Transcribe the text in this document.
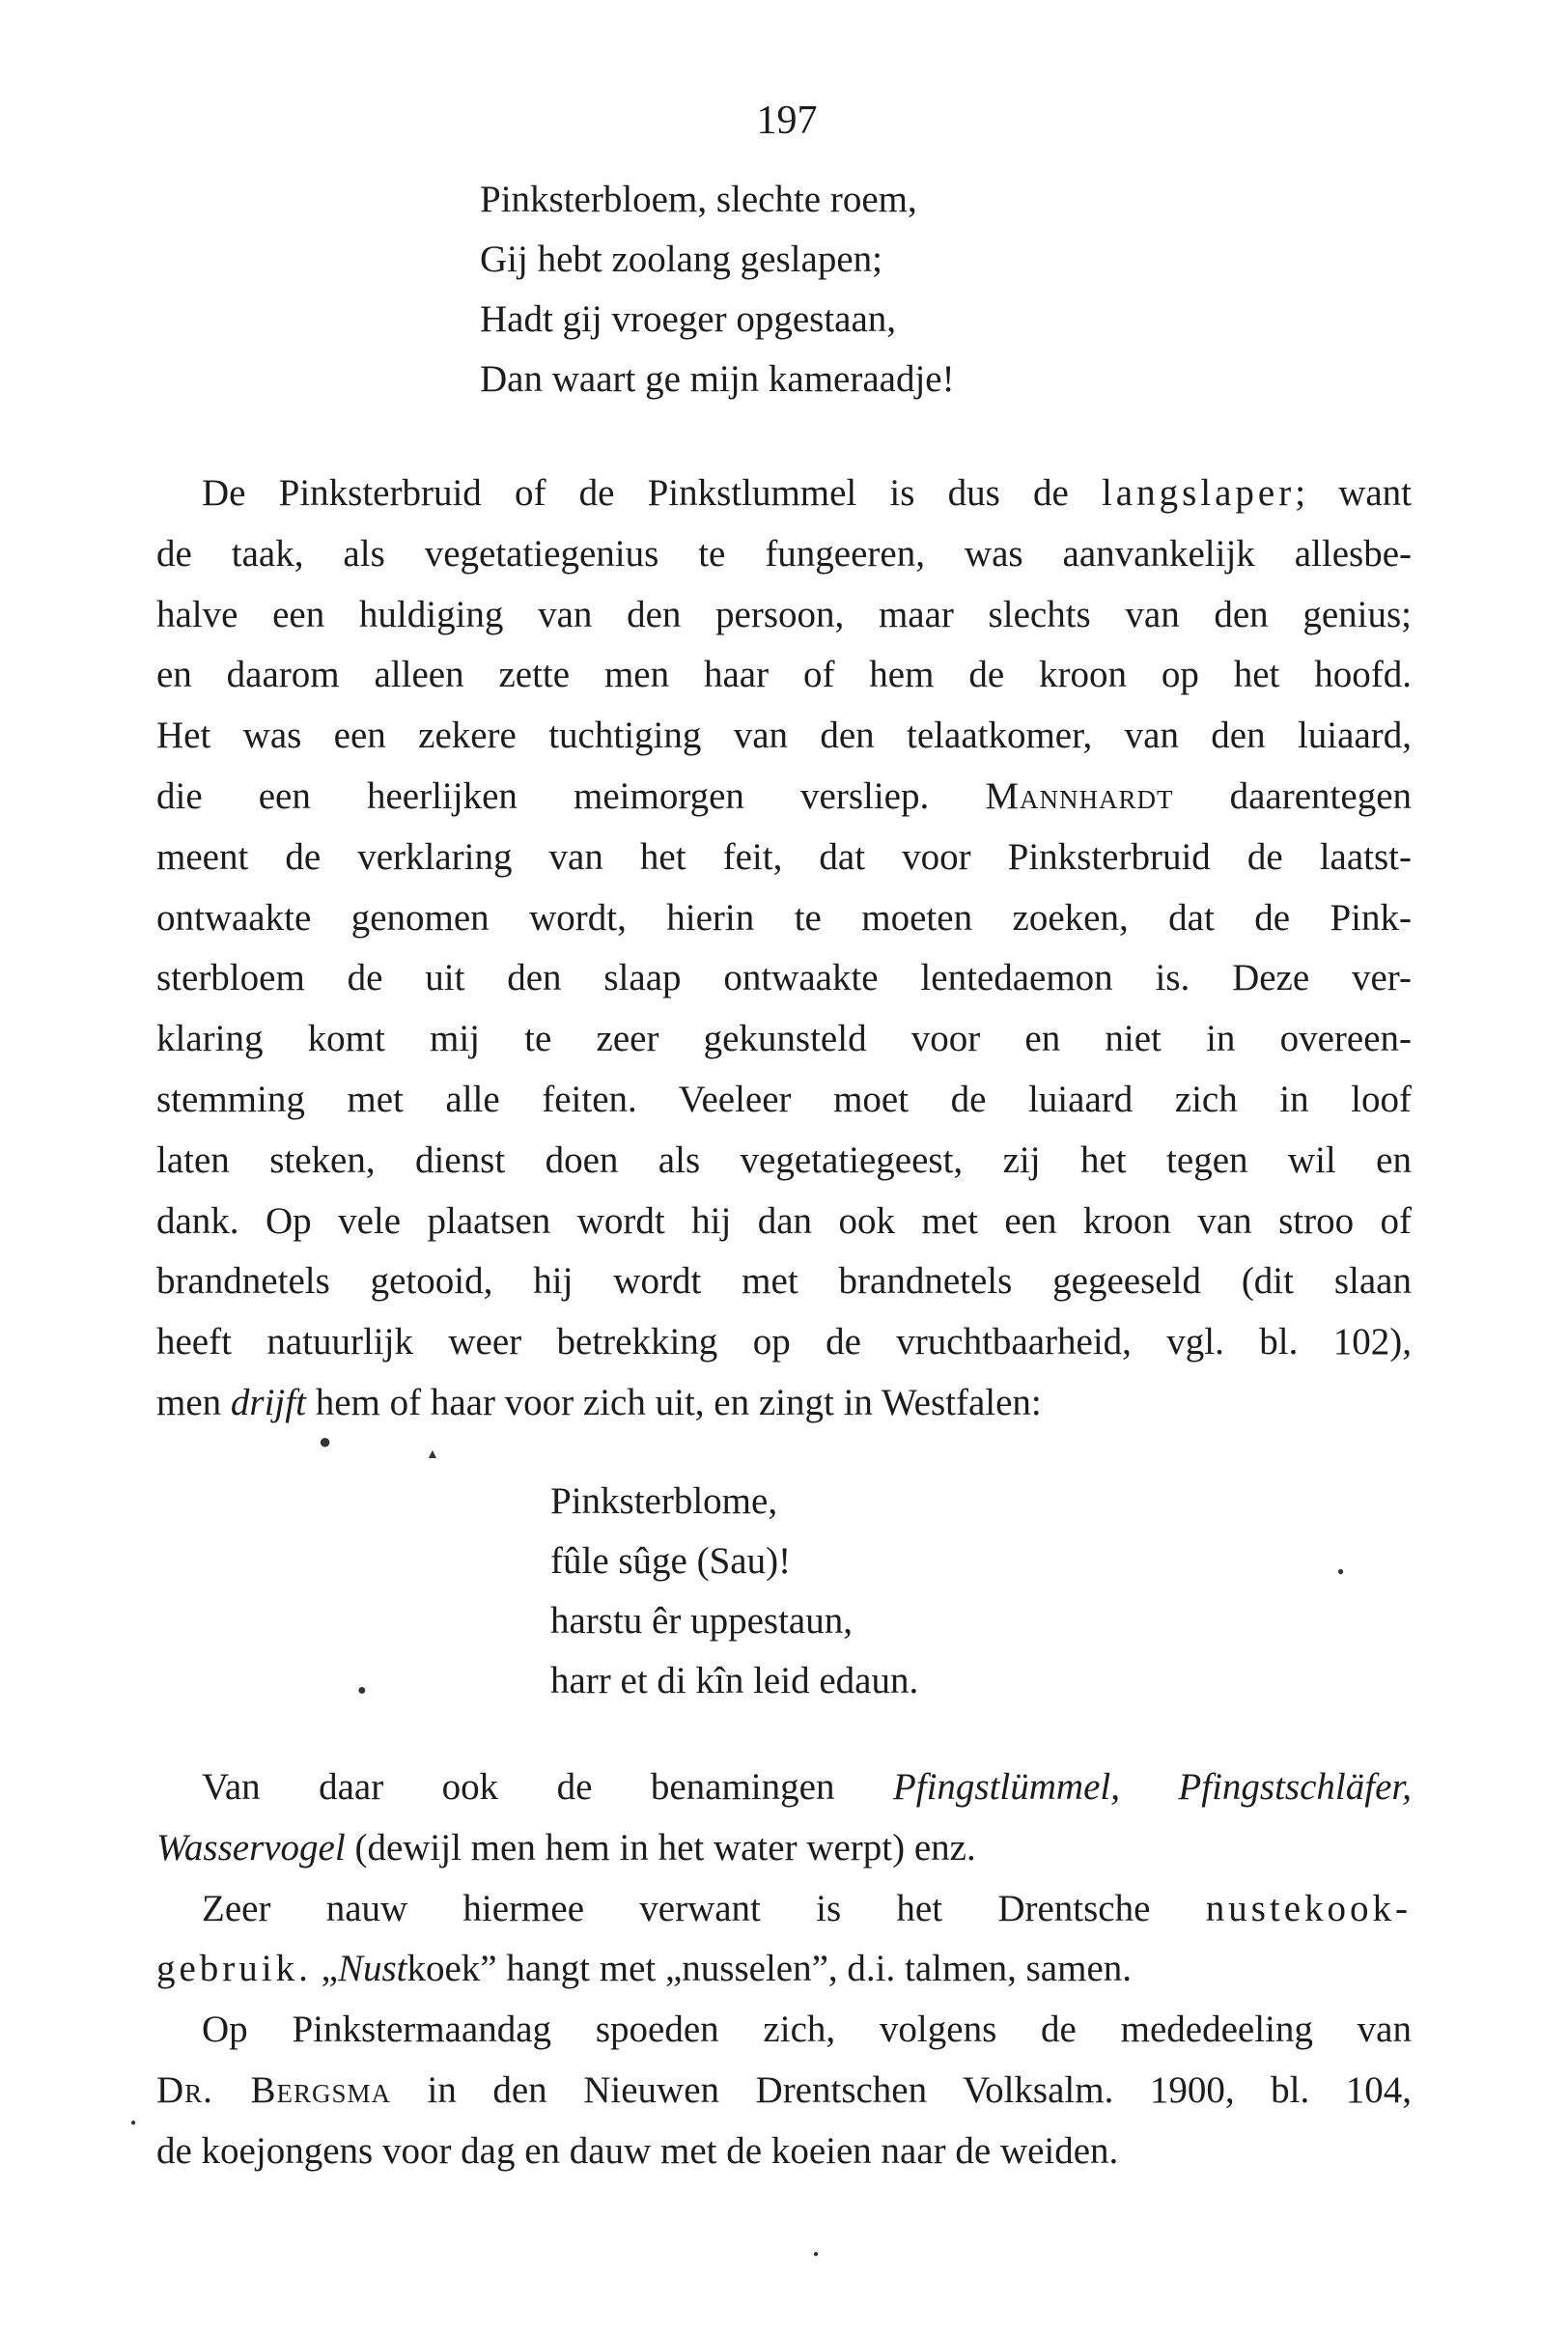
197
Pinksterbloem, slechte roem,
Gij hebt zoolang geslapen;
Hadt gij vroeger opgestaan,
Dan waart ge mijn kameraadje!
De Pinksterbruid of de Pinkstlummel is dus de langslaper; want
de taak, als vegetatiegenius te fungeeren, was aanvankelijk allesbe-
halve een huldiging van den persoon, maar slechts van den genius;
en daarom alleen zette men haar of hem de kroon op het hoofd.
Het was een zekere tuchtiging van den telaatkomer, van den luiaard,
die een heerlijken meimorgen versliep. Mannhardt daarentegen
meent de verklaring van het feit, dat voor Pinksterbruid de laatst-
ontwaakte genomen wordt, hierin te moeten zoeken, dat de Pink-
sterbloem de uit den slaap ontwaakte lentedaemon is. Deze ver-
klaring komt mij te zeer gekunsteld voor en niet in overeen-
stemming met alle feiten. Veeleer moet de luiaard zich in loof
laten steken, dienst doen als vegetatiegeest, zij het tegen wil en
dank. Op vele plaatsen wordt hij dan ook met een kroon van stroo of
brandnetels getooid, hij wordt met brandnetels gegeeseld (dit slaan
heeft natuurlijk weer betrekking op de vruchtbaarheid, vgl. bl. 102),
men drijft hem of haar voor zich uit, en zingt in Westfalen:
Pinksterblome,
fûle sûge (Sau)!
harstu êr uppestaun,
harr et di kîn leid edaun.
Van daar ook de benamingen Pfingstlümmel, Pfingstschläfer,
Wasservogel (dewijl men hem in het water werpt) enz.
Zeer nauw hiermee verwant is het Drentsche nustekook-
gebruik. „Nustkoek” hangt met „nusselen”, d.i. talmen, samen.
Op Pinkstermaandag spoeden zich, volgens de mededeeling van
Dr. Bergsma in den Nieuwen Drentschen Volksalm. 1900, bl. 104,
de koejongens voor dag en dauw met de koeien naar de weiden.
●
▲
●
●
●
●
